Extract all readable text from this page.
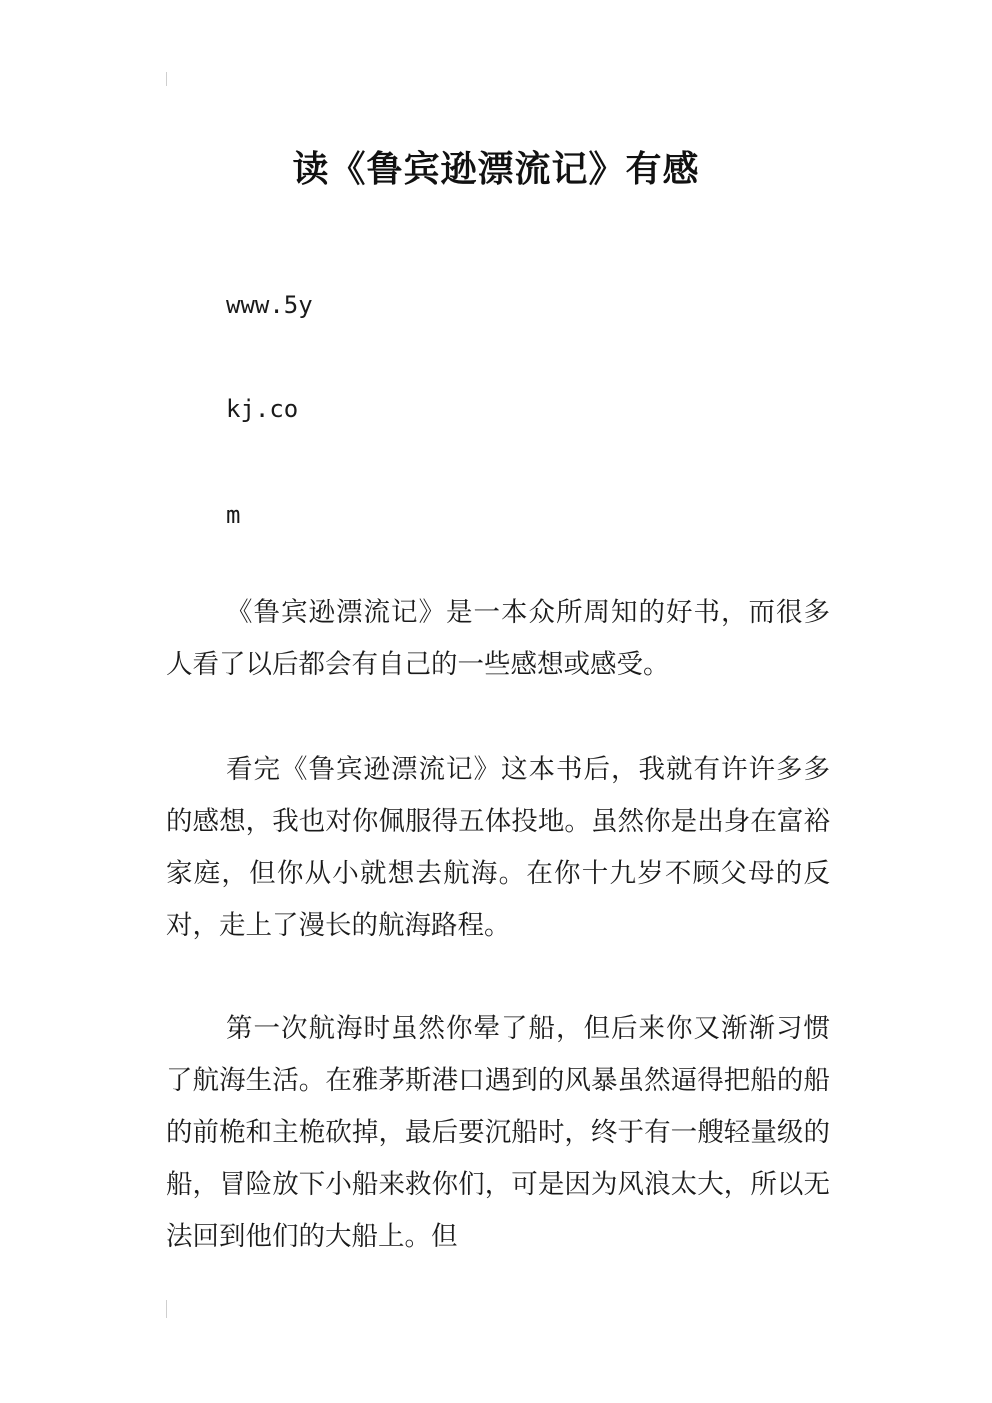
读《鲁宾逊漂流记》有感
www.5y
kj.co
m

《鲁宾逊漂流记》是一本众所周知的好书，而很多人看了以后都会有自己的一些感想或感受。

看完《鲁宾逊漂流记》这本书后，我就有许许多多的感想，我也对你佩服得五体投地。虽然你是出身在富裕家庭，但你从小就想去航海。在你十九岁不顾父母的反对，走上了漫长的航海路程。

第一次航海时虽然你晕了船，但后来你又渐渐习惯了航海生活。在雅茅斯港口遇到的风暴虽然逼得把船的船的前桅和主桅砍掉，最后要沉船时，终于有一艘轻量级的船，冒险放下小船来救你们，可是因为风浪太大，所以无法回到他们的大船上。但
